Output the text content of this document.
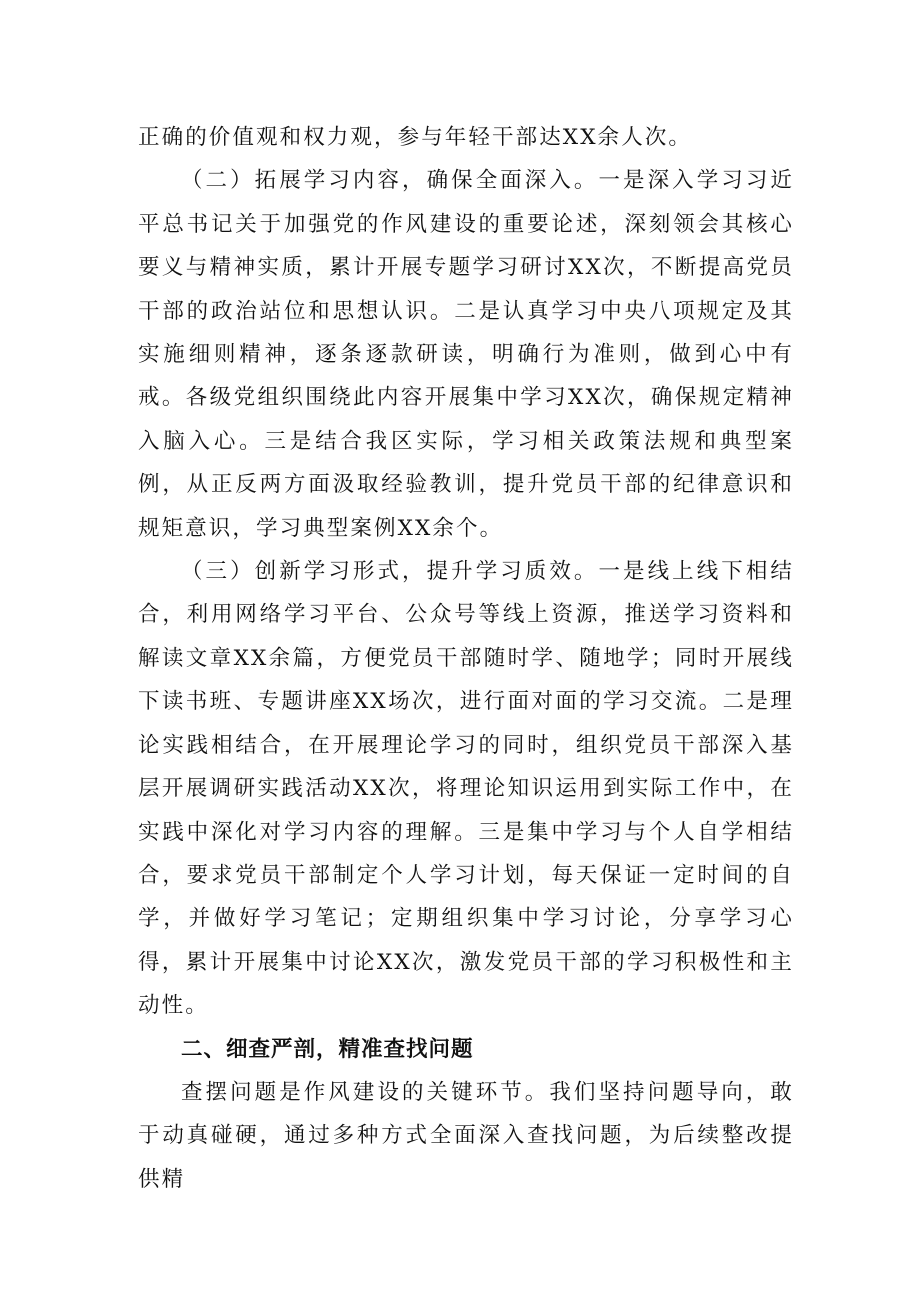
正确的价值观和权力观，参与年轻干部达XX余人次。

（二）拓展学习内容，确保全面深入。一是深入学习习近平总书记关于加强党的作风建设的重要论述，深刻领会其核心要义与精神实质，累计开展专题学习研讨XX次，不断提高党员干部的政治站位和思想认识。二是认真学习中央八项规定及其实施细则精神，逐条逐款研读，明确行为准则，做到心中有戒。各级党组织围绕此内容开展集中学习XX次，确保规定精神入脑入心。三是结合我区实际，学习相关政策法规和典型案例，从正反两方面汲取经验教训，提升党员干部的纪律意识和规矩意识，学习典型案例XX余个。

（三）创新学习形式，提升学习质效。一是线上线下相结合，利用网络学习平台、公众号等线上资源，推送学习资料和解读文章XX余篇，方便党员干部随时学、随地学；同时开展线下读书班、专题讲座XX场次，进行面对面的学习交流。二是理论实践相结合，在开展理论学习的同时，组织党员干部深入基层开展调研实践活动XX次，将理论知识运用到实际工作中，在实践中深化对学习内容的理解。三是集中学习与个人自学相结合，要求党员干部制定个人学习计划，每天保证一定时间的自学，并做好学习笔记；定期组织集中学习讨论，分享学习心得，累计开展集中讨论XX次，激发党员干部的学习积极性和主动性。

二、细查严剖，精准查找问题

查摆问题是作风建设的关键环节。我们坚持问题导向，敢于动真碰硬，通过多种方式全面深入查找问题，为后续整改提供精
